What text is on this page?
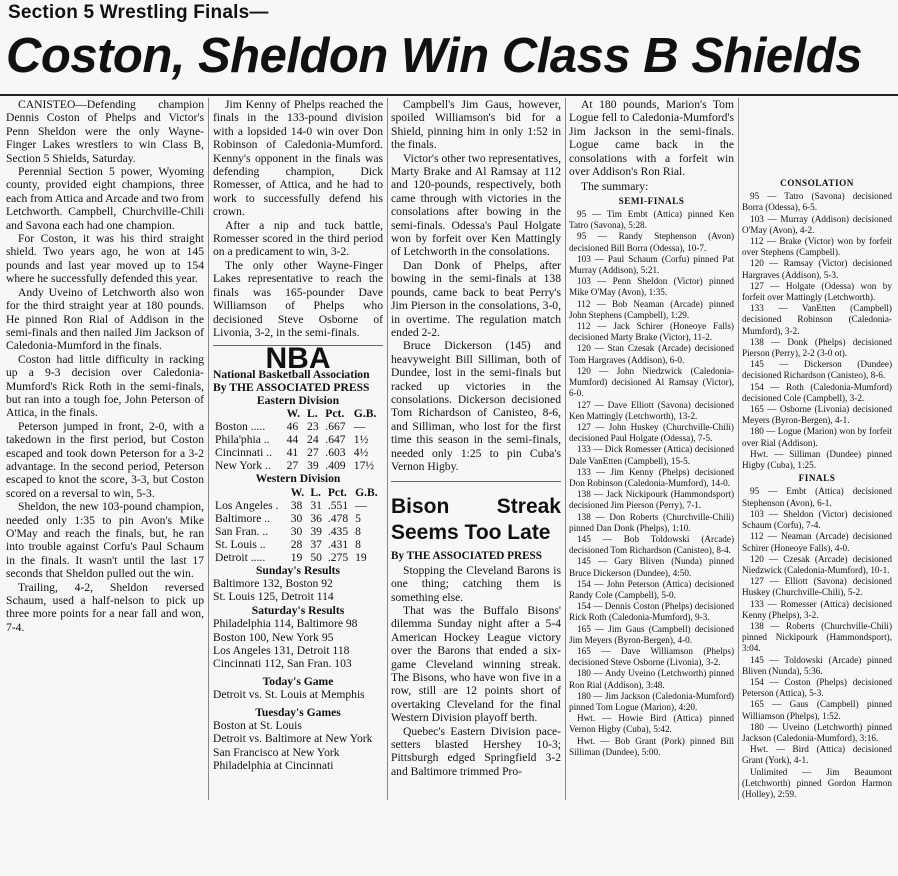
Section 5 Wrestling Finals—
Coston, Sheldon Win Class B Shields

CANISTEO—Defending champion Dennis Coston of Phelps and Victor's Penn Sheldon were the only Wayne-Finger Lakes wrestlers to win Class B, Section 5 Shields, Saturday.

Perennial Section 5 power, Wyoming county, provided eight champions, three each from Attica and Arcade and two from Letchworth. Campbell, Churchville-Chili and Savona each had one champion.

For Coston, it was his third straight shield. Two years ago, he won at 145 pounds and last year moved up to 154 where he successfully defended this year.

Andy Uveino of Letchworth also won for the third straight year at 180 pounds. He pinned Ron Rial of Addison in the semi-finals and then nailed Jim Jackson of Caledonia-Mumford in the finals.

Coston had little difficulty in racking up a 9-3 decision over Caledonia-Mumford's Rick Roth in the semi-finals, but ran into a tough foe, John Peterson of Attica, in the finals.

Peterson jumped in front, 2-0, with a takedown in the first period, but Coston escaped and took down Peterson for a 3-2 advantage. In the second period, Peterson escaped to knot the score, 3-3, but Coston scored on a reversal to win, 5-3.

Sheldon, the new 103-pound champion, needed only 1:35 to pin Avon's Mike O'May and reach the finals, but, he ran into trouble against Corfu's Paul Schaum in the finals. It wasn't until the last 17 seconds that Sheldon pulled out the win.

Trailing, 4-2, Sheldon reversed Schaum, used a half-nelson to pick up three more points for a near fall and won, 7-4.

Jim Kenny of Phelps reached the finals in the 133-pound division with a lopsided 14-0 win over Don Robinson of Caledonia-Mumford. Kenny's opponent in the finals was defending champion, Dick Romesser, of Attica, and he had to work to successfully defend his crown.

After a nip and tuck battle, Romesser scored in the third period on a predicament to win, 3-2.

The only other Wayne-Finger Lakes representative to reach the finals was 165-pounder Dave Williamson of Phelps who decisioned Steve Osborne of Livonia, 3-2, in the semi-finals.

NBA
National Basketball Association
By THE ASSOCIATED PRESS
Eastern Division
	W.	L.	Pct.	G.B.
Boston .....	46	23	.667	—
Phila'phia ..	44	24	.647	1½
Cincinnati ..	41	27	.603	4½
New York ..	27	39	.409	17½
Western Division
	W.	L.	Pct.	G.B.
Los Angeles .	38	31	.551	—
Baltimore ..	30	36	.478	5
San Fran. ..	30	39	.435	8
St. Louis ..	28	37	.431	8
Detroit .....	19	50	.275	19
Sunday's Results
Baltimore 132, Boston 92
St. Louis 125, Detroit 114
Saturday's Results
Philadelphia 114, Baltimore 98
Boston 100, New York 95
Los Angeles 131, Detroit 118
Cincinnati 112, San Fran. 103
Today's Game
Detroit vs. St. Louis at Memphis
Tuesday's Games
Boston at St. Louis
Detroit vs. Baltimore at New York
San Francisco at New York
Philadelphia at Cincinnati

Campbell's Jim Gaus, however, spoiled Williamson's bid for a Shield, pinning him in only 1:52 in the finals.

Victor's other two representatives, Marty Brake and Al Ramsay at 112 and 120-pounds, respectively, both came through with victories in the consolations after bowing in the semi-finals. Odessa's Paul Holgate won by forfeit over Ken Mattingly of Letchworth in the consolations.

Dan Donk of Phelps, after bowing in the semi-finals at 138 pounds, came back to beat Perry's Jim Pierson in the consolations, 3-0, in overtime. The regulation match ended 2-2.

Bruce Dickerson (145) and heavyweight Bill Silliman, both of Dundee, lost in the semi-finals but racked up victories in the consolations. Dickerson decisioned Tom Richardson of Canisteo, 8-6, and Silliman, who lost for the first time this season in the semi-finals, needed only 1:25 to pin Cuba's Vernon Higby.

Bison Streak Seems Too Late
By THE ASSOCIATED PRESS

Stopping the Cleveland Barons is one thing; catching them is something else.

That was the Buffalo Bisons' dilemma Sunday night after a 5-4 American Hockey League victory over the Barons that ended a six-game Cleveland winning streak. The Bisons, who have won five in a row, still are 12 points short of overtaking Cleveland for the final Western Division playoff berth.

Quebec's Eastern Division pace-setters blasted Hershey 10-3; Pittsburgh edged Springfield 3-2 and Baltimore trimmed Pro-

At 180 pounds, Marion's Tom Logue fell to Caledonia-Mumford's Jim Jackson in the semi-finals. Logue came back in the consolations with a forfeit win over Addison's Ron Rial.

The summary:

SEMI-FINALS

95 — Tim Embt (Attica) pinned Ken Tatro (Savona), 5:28.

95 — Randy Stephenson (Avon) decisioned Bill Borra (Odessa), 10-7.

103 — Paul Schaum (Corfu) pinned Pat Murray (Addison), 5:21.

103 — Penn Sheldon (Victor) pinned Mike O'May (Avon), 1:35.

112 — Bob Neaman (Arcade) pinned John Stephens (Campbell), 1:29.

112 — Jack Schirer (Honeoye Falls) decisioned Marty Brake (Victor), 11-2.

120 — Stan Czesak (Arcade) decisioned Tom Hargraves (Addison), 6-0.

120 — John Niedzwick (Caledonia-Mumford) decisioned Al Ramsay (Victor), 6-0.

127 — Dave Elliott (Savona) decisioned Ken Mattingly (Letchworth), 13-2.

127 — John Huskey (Churchville-Chili) decisioned Paul Holgate (Odessa), 7-5.

133 — Dick Romesser (Attica) decisioned Dale VanEtten (Campbell), 15-5.

133 — Jim Kenny (Phelps) decisioned Don Robinson (Caledonia-Mumford), 14-0.

138 — Jack Nickipourk (Hammondsport) decisioned Jim Pierson (Perry), 7-1.

138 — Don Roberts (Churchville-Chili) pinned Dan Donk (Phelps), 1:10.

145 — Bob Toldowski (Arcade) decisioned Tom Richardson (Canisteo), 8-4.

145 — Gary Bliven (Nunda) pinned Bruce Dickerson (Dundee), 4:50.

154 — John Peterson (Attica) decisioned Randy Cole (Campbell), 5-0.

154 — Dennis Coston (Phelps) decisioned Rick Roth (Caledonia-Mumford), 9-3.

165 — Jim Gaus (Campbell) decisioned Jim Meyers (Byron-Bergen), 4-0.

165 — Dave Williamson (Phelps) decisioned Steve Osborne (Livonia), 3-2.

180 — Andy Uveino (Letchworth) pinned Ron Rial (Addison), 3:48.

180 — Jim Jackson (Caledonia-Mumford) pinned Tom Logue (Marion), 4:20.

Hwt. — Howie Bird (Attica) pinned Vernon Higby (Cuba), 5:42.

Hwt. — Bob Grant (Pork) pinned Bill Silliman (Dundee), 5:00.

CONSOLATION

95 — Tatro (Savona) decisioned Borra (Odessa), 6-5.

103 — Murray (Addison) decisioned O'May (Avon), 4-2.

112 — Brake (Victor) won by forfeit over Stephens (Campbell).

120 — Ramsay (Victor) decisioned Hargraves (Addison), 5-3.

127 — Holgate (Odessa) won by forfeit over Mattingly (Letchworth).

133 — VanEtten (Campbell) decisioned Robinson (Caledonia-Mumford), 3-2.

138 — Donk (Phelps) decisioned Pierson (Perry), 2-2 (3-0 ot).

145 — Dickerson (Dundee) decisioned Richardson (Canisteo), 8-6.

154 — Roth (Caledonia-Mumford) decisioned Cole (Campbell), 3-2.

165 — Osborne (Livonia) decisioned Meyers (Byron-Bergen), 4-1.

180 — Logue (Marion) won by forfeit over Rial (Addison).

Hwt. — Silliman (Dundee) pinned Higby (Cuba), 1:25.

FINALS

95 — Embt (Attica) decisioned Stephenson (Avon), 6-1.

103 — Sheldon (Victor) decisioned Schaum (Corfu), 7-4.

112 — Neaman (Arcade) decisioned Schirer (Honeoye Falls), 4-0.

120 — Czesak (Arcade) decisioned Niedzwick (Caledonia-Mumford), 10-1.

127 — Elliott (Savona) decisioned Huskey (Churchville-Chili), 5-2.

133 — Romesser (Attica) decisioned Kenny (Phelps), 3-2.

138 — Roberts (Churchville-Chili) pinned Nickipourk (Hammondsport), 3:04.

145 — Toldowski (Arcade) pinned Bliven (Nunda), 5:36.

154 — Coston (Phelps) decisioned Peterson (Attica), 5-3.

165 — Gaus (Campbell) pinned Williamson (Phelps), 1:52.

180 — Uveino (Letchworth) pinned Jackson (Caledonia-Mumford), 3:16.

Hwt. — Bird (Attica) decisioned Grant (York), 4-1.

Unlimited — Jim Beaumont (Letchworth) pinned Gordon Harmon (Holley), 2:59.
